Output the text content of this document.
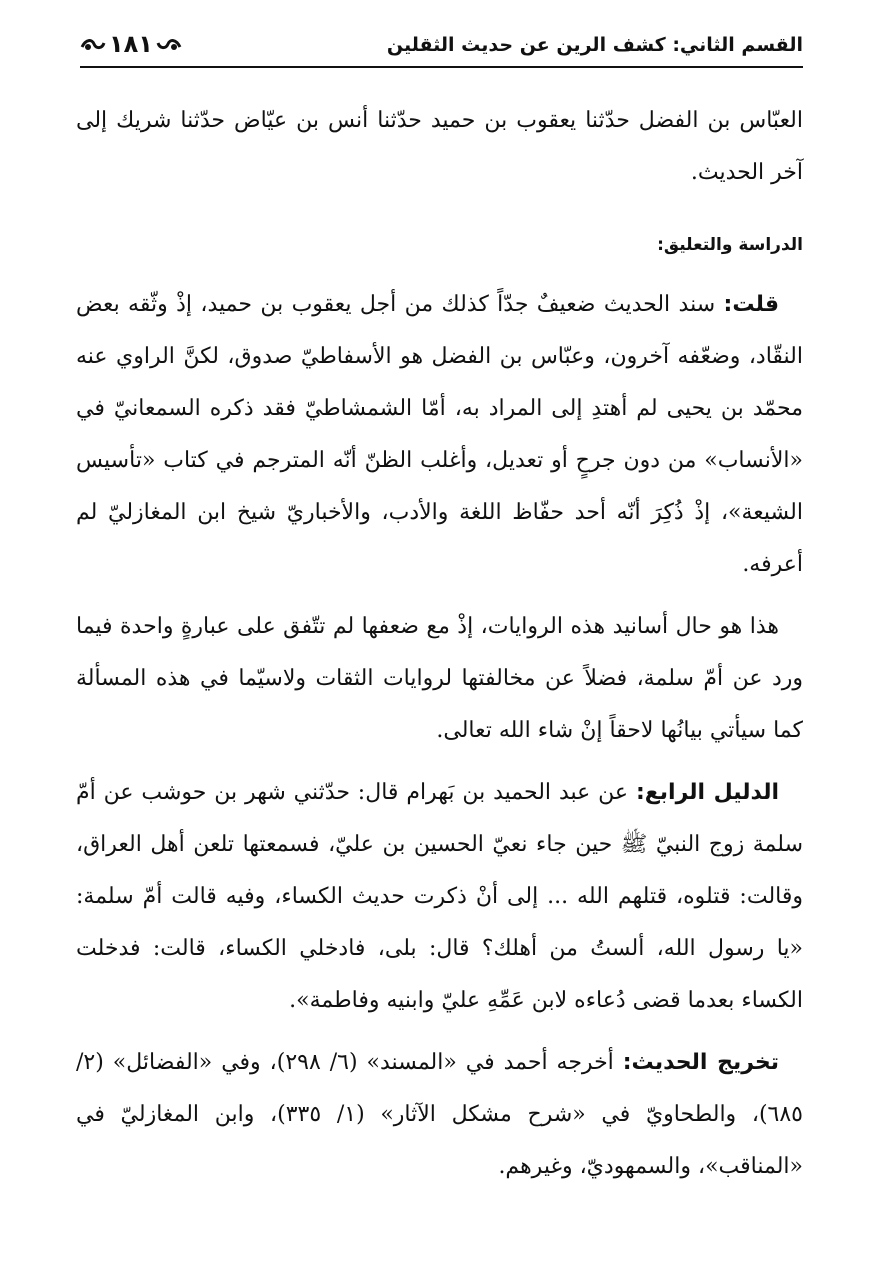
القسم الثاني: كشف الرين عن حديث الثقلين
١٨١

العبّاس بن الفضل حدّثنا يعقوب بن حميد حدّثنا أنس بن عيّاض حدّثنا شريك إلى آخر الحديث.

الدراسة والتعليق:

قلت: سند الحديث ضعيفٌ جدّاً كذلك من أجل يعقوب بن حميد، إذْ وثّقه بعض النقّاد، وضعّفه آخرون، وعبّاس بن الفضل هو الأسفاطيّ صدوق، لكنَّ الراوي عنه محمّد بن يحيى لم أهتدِ إلى المراد به، أمّا الشمشاطيّ فقد ذكره السمعانيّ في «الأنساب» من دون جرحٍ أو تعديل، وأغلب الظنّ أنّه المترجم في كتاب «تأسيس الشيعة»، إذْ ذُكِرَ أنّه أحد حفّاظ اللغة والأدب، والأخباريّ شيخ ابن المغازليّ لم أعرفه.

هذا هو حال أسانيد هذه الروايات، إذْ مع ضعفها لم تتّفق على عبارةٍ واحدة فيما ورد عن أمّ سلمة، فضلاً عن مخالفتها لروايات الثقات ولاسيّما في هذه المسألة كما سيأتي بيانُها لاحقاً إنْ شاء الله تعالى.

الدليل الرابع: عن عبد الحميد بن بَهرام قال: حدّثني شهر بن حوشب عن أمّ سلمة زوج النبيّ ﷺ حين جاء نعيّ الحسين بن عليّ، فسمعتها تلعن أهل العراق، وقالت: قتلوه، قتلهم الله ... إلى أنْ ذكرت حديث الكساء، وفيه قالت أمّ سلمة: «يا رسول الله، ألستُ من أهلك؟ قال: بلى، فادخلي الكساء، قالت: فدخلت الكساء بعدما قضى دُعاءه لابن عَمِّهِ عليّ وابنيه وفاطمة».

تخريج الحديث: أخرجه أحمد في «المسند» (٦/ ٢٩٨)، وفي «الفضائل» (٢/ ٦٨٥)، والطحاويّ في «شرح مشكل الآثار» (١/ ٣٣٥)، وابن المغازليّ في «المناقب»، والسمهوديّ، وغيرهم.
